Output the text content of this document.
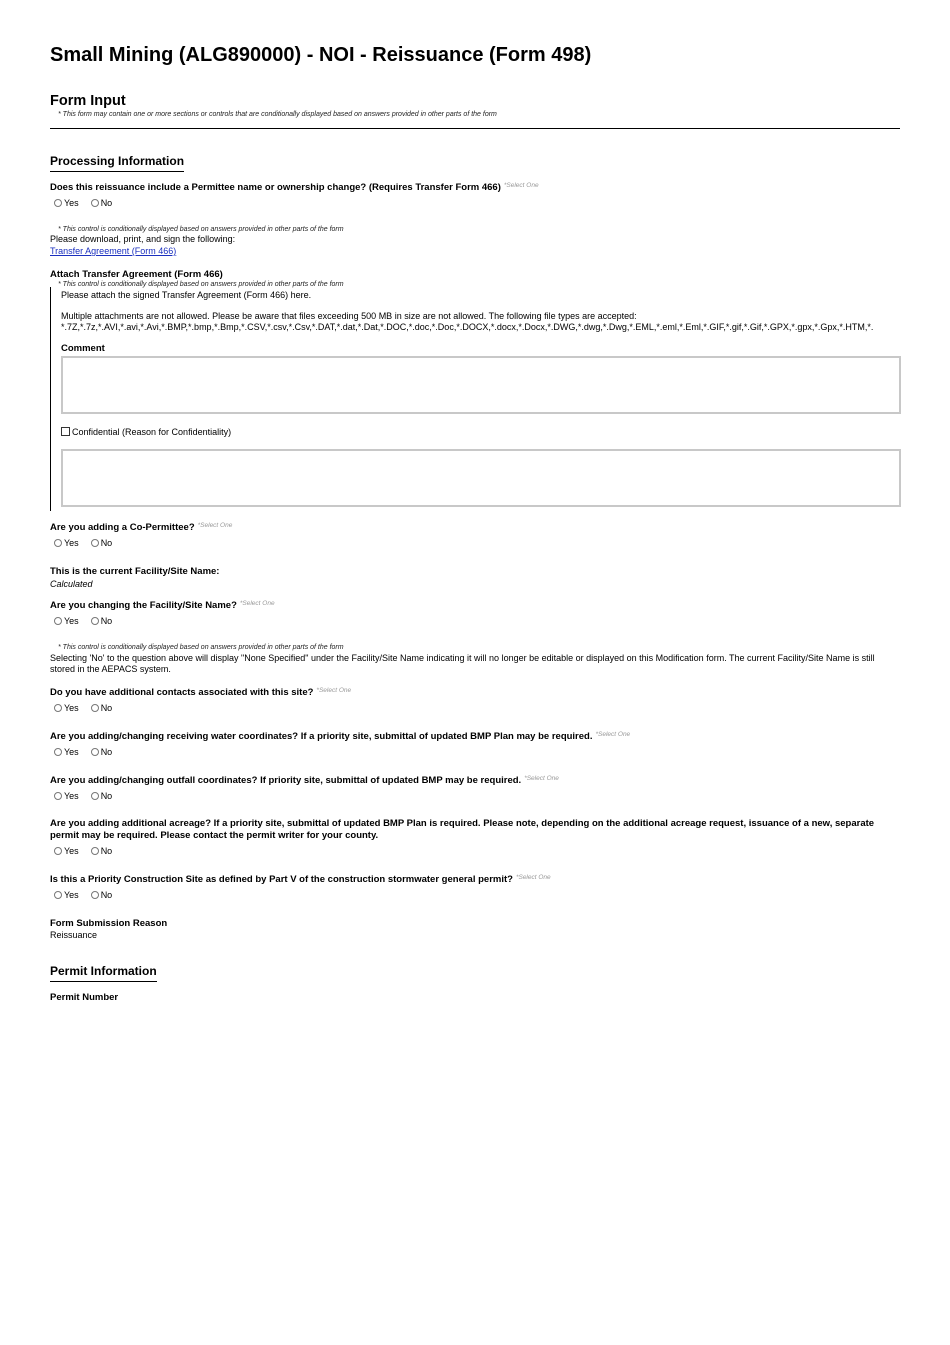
Small Mining (ALG890000) - NOI - Reissuance (Form 498)
Form Input
* This form may contain one or more sections or controls that are conditionally displayed based on answers provided in other parts of the form
Processing Information
Does this reissuance include a Permittee name or ownership change? (Requires Transfer Form 466) $^{*Select One}$
Yes No
* This control is conditionally displayed based on answers provided in other parts of the form
Please download, print, and sign the following:
Transfer Agreement (Form 466)
Attach Transfer Agreement (Form 466)
* This control is conditionally displayed based on answers provided in other parts of the form
Please attach the signed Transfer Agreement (Form 466) here.
Multiple attachments are not allowed. Please be aware that files exceeding 500 MB in size are not allowed. The following file types are accepted:
*.7Z,*.7z,*.AVI,*.avi,*.Avi,*.BMP,*.bmp,*.Bmp,*.CSV,*.csv,*.Csv,*.DAT,*.dat,*.Dat,*.DOC,*.doc,*.Doc,*.DOCX,*.docx,*.Docx,*.DWG,*.dwg,*.Dwg,*.EML,*.eml,*.Eml,*.GIF,*.gif,*.Gif,*.GPX,*.gpx,*.Gpx,*.HTM,*.
Comment
Confidential (Reason for Confidentiality)
Are you adding a Co-Permittee? $^{*Select One}$
Yes No
This is the current Facility/Site Name:
Calculated
Are you changing the Facility/Site Name? $^{*Select One}$
Yes No
* This control is conditionally displayed based on answers provided in other parts of the form
Selecting 'No' to the question above will display "None Specified" under the Facility/Site Name indicating it will no longer be editable or displayed on this Modification form. The current Facility/Site Name is still stored in the AEPACS system.
Do you have additional contacts associated with this site? $^{*Select One}$
Yes No
Are you adding/changing receiving water coordinates? If a priority site, submittal of updated BMP Plan may be required. $^{*Select One}$
Yes No
Are you adding/changing outfall coordinates? If priority site, submittal of updated BMP may be required. $^{*Select One}$
Yes No
Are you adding additional acreage? If a priority site, submittal of updated BMP Plan is required. Please note, depending on the additional acreage request, issuance of a new, separate permit may be required. Please contact the permit writer for your county.
Yes No
Is this a Priority Construction Site as defined by Part V of the construction stormwater general permit? $^{*Select One}$
Yes No
Form Submission Reason
Reissuance
Permit Information
Permit Number
